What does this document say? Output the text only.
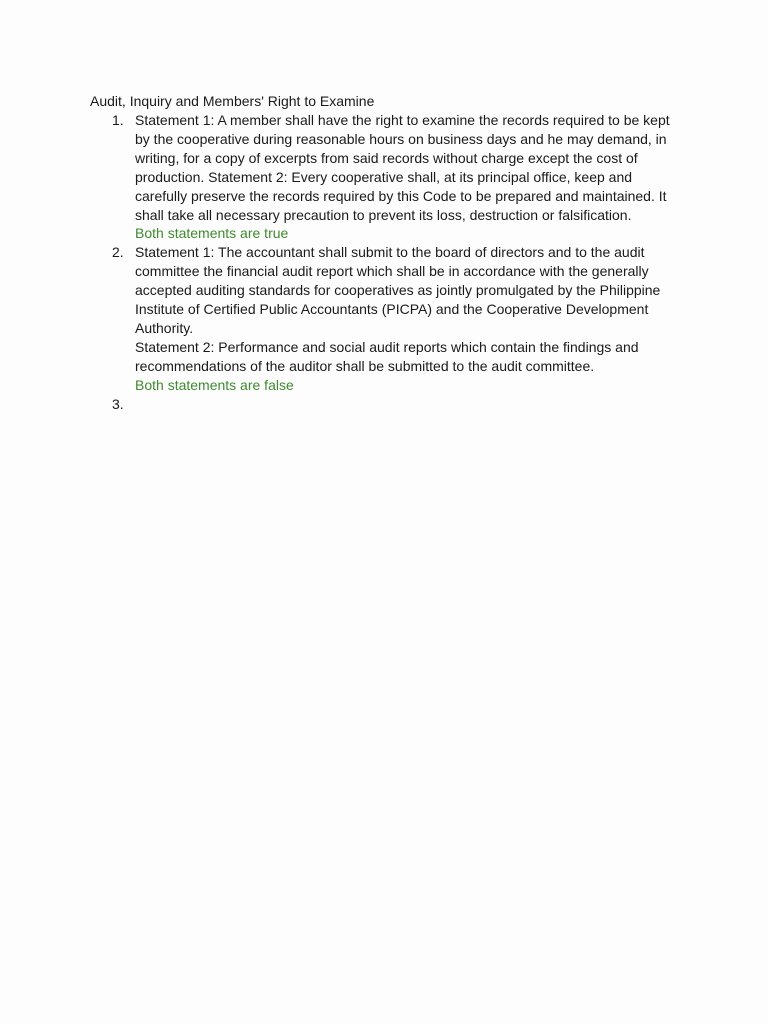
Audit, Inquiry and Members' Right to Examine
1. Statement 1: A member shall have the right to examine the records required to be kept by the cooperative during reasonable hours on business days and he may demand, in writing, for a copy of excerpts from said records without charge except the cost of production. Statement 2: Every cooperative shall, at its principal office, keep and carefully preserve the records required by this Code to be prepared and maintained. It shall take all necessary precaution to prevent its loss, destruction or falsification.
Both statements are true
2. Statement 1: The accountant shall submit to the board of directors and to the audit committee the financial audit report which shall be in accordance with the generally accepted auditing standards for cooperatives as jointly promulgated by the Philippine Institute of Certified Public Accountants (PICPA) and the Cooperative Development Authority.
Statement 2: Performance and social audit reports which contain the findings and recommendations of the auditor shall be submitted to the audit committee.
Both statements are false
3.
